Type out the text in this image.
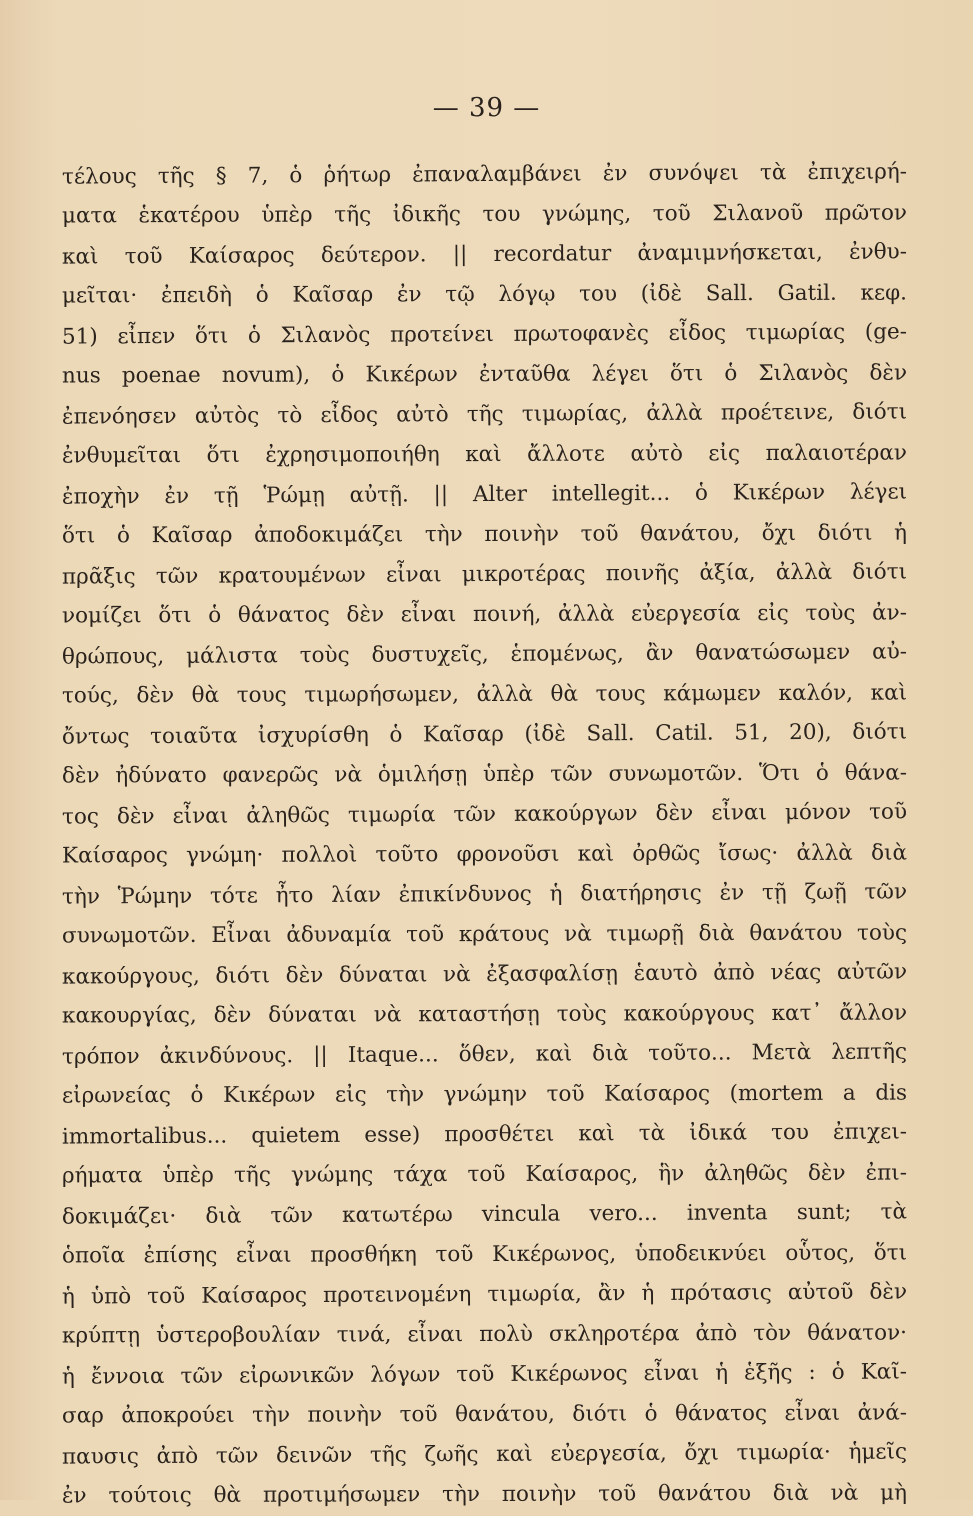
— 39 —
τέλους τῆς § 7, ὁ ῥήτωρ ἐπαναλαμβάνει ἐν συνόψει τὰ ἐπιχειρή-
ματα ἑκατέρου ὑπὲρ τῆς ἰδικῆς του γνώμης, τοῦ Σιλανοῦ πρῶτον
καὶ τοῦ Καίσαρος δεύτερον. || recordatur ἀναμιμνήσκεται, ἐνθυ-
μεῖται· ἐπειδὴ ὁ Καῖσαρ ἐν τῷ λόγῳ του (ἰδὲ Sall. Gatil. κεφ.
51) εἶπεν ὅτι ὁ Σιλανὸς προτείνει πρωτοφανὲς εἶδος τιμωρίας (ge-
nus poenae novum), ὁ Κικέρων ἐνταῦθα λέγει ὅτι ὁ Σιλανὸς δὲν
ἐπενόησεν αὐτὸς τὸ εἶδος αὐτὸ τῆς τιμωρίας, ἀλλὰ προέτεινε, διότι
ἐνθυμεῖται ὅτι ἐχρησιμοποιήθη καὶ ἄλλοτε αὐτὸ εἰς παλαιοτέραν
ἐποχὴν ἐν τῇ Ῥώμῃ αὐτῇ. || Alter intellegit... ὁ Κικέρων λέγει
ὅτι ὁ Καῖσαρ ἀποδοκιμάζει τὴν ποινὴν τοῦ θανάτου, ὄχι διότι ἡ
πρᾶξις τῶν κρατουμένων εἶναι μικροτέρας ποινῆς ἀξία, ἀλλὰ διότι
νομίζει ὅτι ὁ θάνατος δὲν εἶναι ποινή, ἀλλὰ εὐεργεσία εἰς τοὺς ἀν-
θρώπους, μάλιστα τοὺς δυστυχεῖς, ἑπομένως, ἂν θανατώσωμεν αὐ-
τούς, δὲν θὰ τους τιμωρήσωμεν, ἀλλὰ θὰ τους κάμωμεν καλόν, καὶ
ὄντως τοιαῦτα ἰσχυρίσθη ὁ Καῖσαρ (ἰδὲ Sall. Catil. 51, 20), διότι
δὲν ἠδύνατο φανερῶς νὰ ὁμιλήσῃ ὑπὲρ τῶν συνωμοτῶν. Ὅτι ὁ θάνα-
τος δὲν εἶναι ἀληθῶς τιμωρία τῶν κακούργων δὲν εἶναι μόνον τοῦ
Καίσαρος γνώμη· πολλοὶ τοῦτο φρονοῦσι καὶ ὀρθῶς ἴσως· ἀλλὰ διὰ
τὴν Ῥώμην τότε ἦτο λίαν ἐπικίνδυνος ἡ διατήρησις ἐν τῇ ζωῇ τῶν
συνωμοτῶν. Εἶναι ἀδυναμία τοῦ κράτους νὰ τιμωρῇ διὰ θανάτου τοὺς
κακούργους, διότι δὲν δύναται νὰ ἐξασφαλίσῃ ἑαυτὸ ἀπὸ νέας αὐτῶν
κακουργίας, δὲν δύναται νὰ καταστήσῃ τοὺς κακούργους κατ᾽ ἄλλον
τρόπον ἀκινδύνους. || Itaque... ὅθεν, καὶ διὰ τοῦτο... Μετὰ λεπτῆς
εἰρωνείας ὁ Κικέρων εἰς τὴν γνώμην τοῦ Καίσαρος (mortem a dis
immortalibus... quietem esse) προσθέτει καὶ τὰ ἰδικά του ἐπιχει-
ρήματα ὑπὲρ τῆς γνώμης τάχα τοῦ Καίσαρος, ἣν ἀληθῶς δὲν ἐπι-
δοκιμάζει· διὰ τῶν κατωτέρω vincula vero... inventa sunt; τὰ
ὁποῖα ἐπίσης εἶναι προσθήκη τοῦ Κικέρωνος, ὑποδεικνύει οὗτος, ὅτι
ἡ ὑπὸ τοῦ Καίσαρος προτεινομένη τιμωρία, ἂν ἡ πρότασις αὐτοῦ δὲν
κρύπτῃ ὑστεροβουλίαν τινά, εἶναι πολὺ σκληροτέρα ἀπὸ τὸν θάνατον·
ἡ ἔννοια τῶν εἰρωνικῶν λόγων τοῦ Κικέρωνος εἶναι ἡ ἑξῆς : ὁ Καῖ-
σαρ ἀποκρούει τὴν ποινὴν τοῦ θανάτου, διότι ὁ θάνατος εἶναι ἀνά-
παυσις ἀπὸ τῶν δεινῶν τῆς ζωῆς καὶ εὐεργεσία, ὄχι τιμωρία· ἡμεῖς
ἐν τούτοις θὰ προτιμήσωμεν τὴν ποινὴν τοῦ θανάτου διὰ νὰ μὴ
